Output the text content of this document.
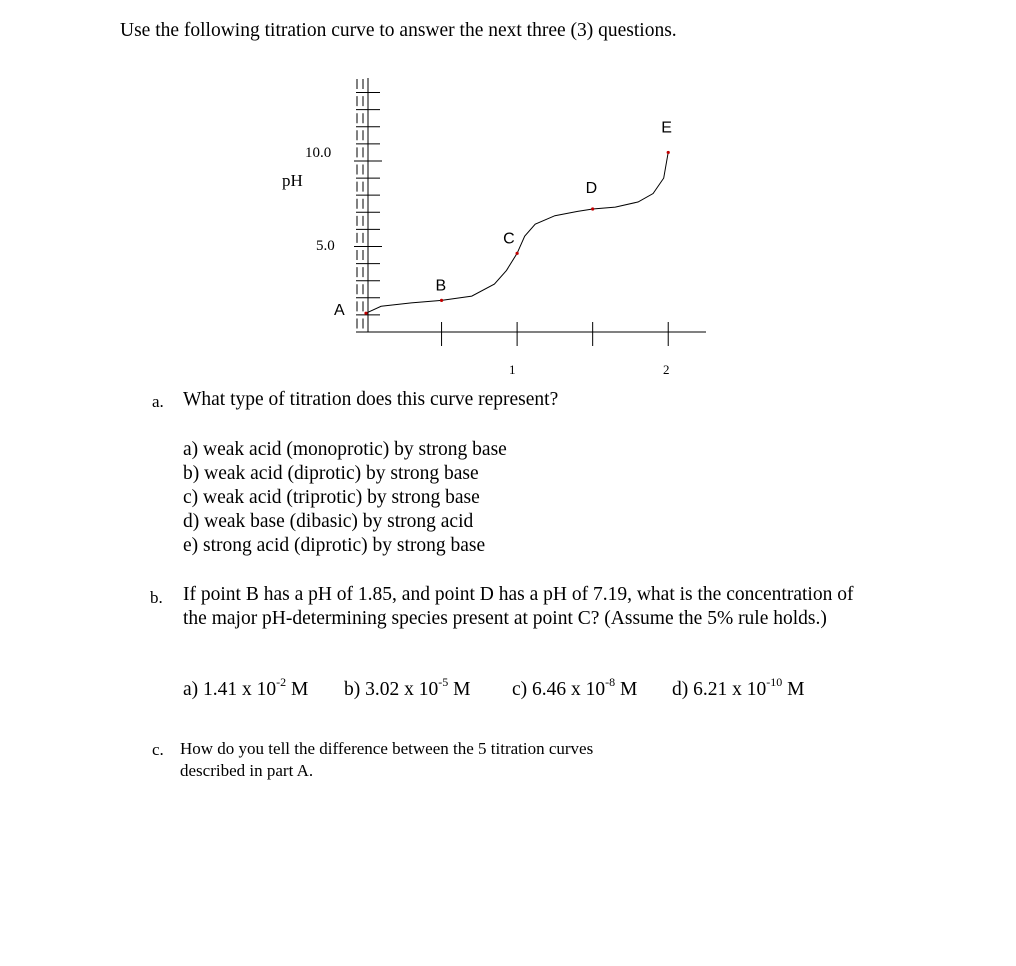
Use the following titration curve to answer the next three (3) questions.
A
B
C
D
E
pH
10.0
5.0
1	2
a. What type of titration does this curve represent?
a) weak acid (monoprotic) by strong base
b) weak acid (diprotic) by strong base
c) weak acid (triprotic) by strong base
d) weak base (dibasic) by strong acid
e) strong acid (diprotic) by strong base
b. If point B has a pH of 1.85, and point D has a pH of 7.19, what is the concentration of the major pH-determining species present at point C? (Assume the 5% rule holds.)
a) 1.41 x $10^{-2}$ M b) 3.02 x $10^{-5}$ M c) 6.46 x $10^{-8}$ M d) 6.21 x $10^{-10}$ M
c. How do you tell the difference between the 5 titration curves described in part A.
